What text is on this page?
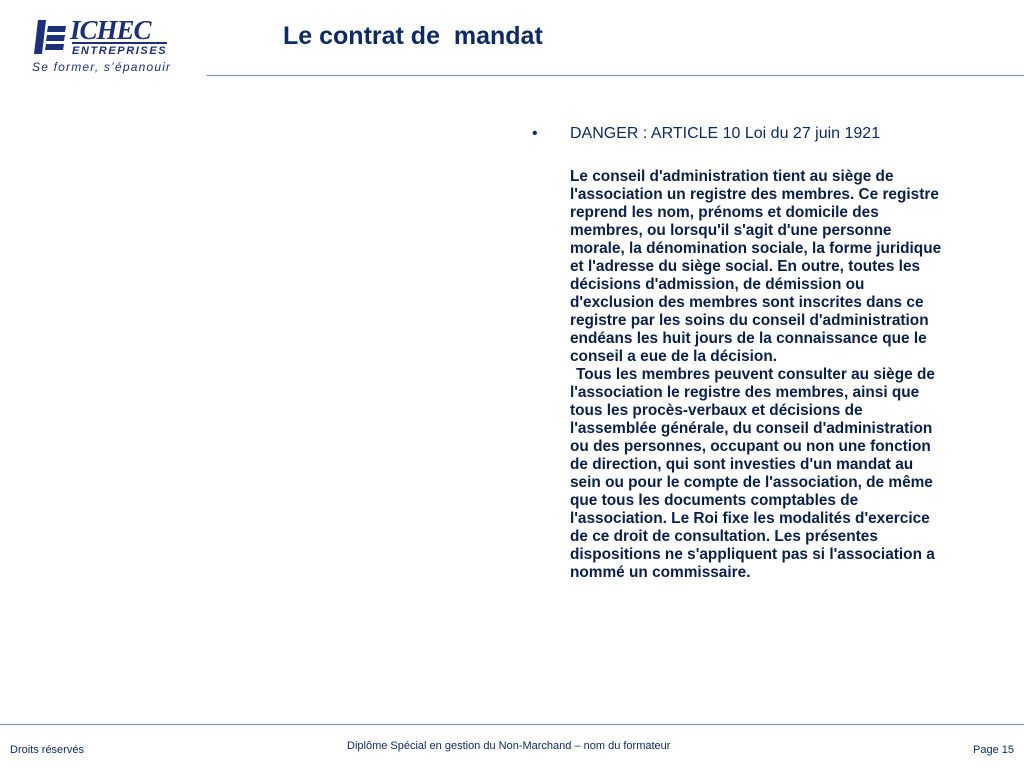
ICHEC
ENTREPRISES
Se former, s’épanouir
Le contrat de  mandat
• DANGER : ARTICLE 10 Loi du 27 juin 1921

Le conseil d'administration tient au siège de l'association un registre des membres. Ce registre reprend les nom, prénoms et domicile des membres, ou lorsqu'il s'agit d'une personne morale, la dénomination sociale, la forme juridique et l'adresse du siège social. En outre, toutes les décisions d'admission, de démission ou d'exclusion des membres sont inscrites dans ce registre par les soins du conseil d'administration endéans les huit jours de la connaissance que le conseil a eue de la décision.

Tous les membres peuvent consulter au siège de l'association le registre des membres, ainsi que tous les procès-verbaux et décisions de l'assemblée générale, du conseil d'administration ou des personnes, occupant ou non une fonction de direction, qui sont investies d'un mandat au sein ou pour le compte de l'association, de même que tous les documents comptables de l'association. Le Roi fixe les modalités d'exercice de ce droit de consultation. Les présentes dispositions ne s'appliquent pas si l'association a nommé un commissaire.

Droits réservés	Diplôme Spécial en gestion du Non-Marchand – nom du formateur	Page 15
